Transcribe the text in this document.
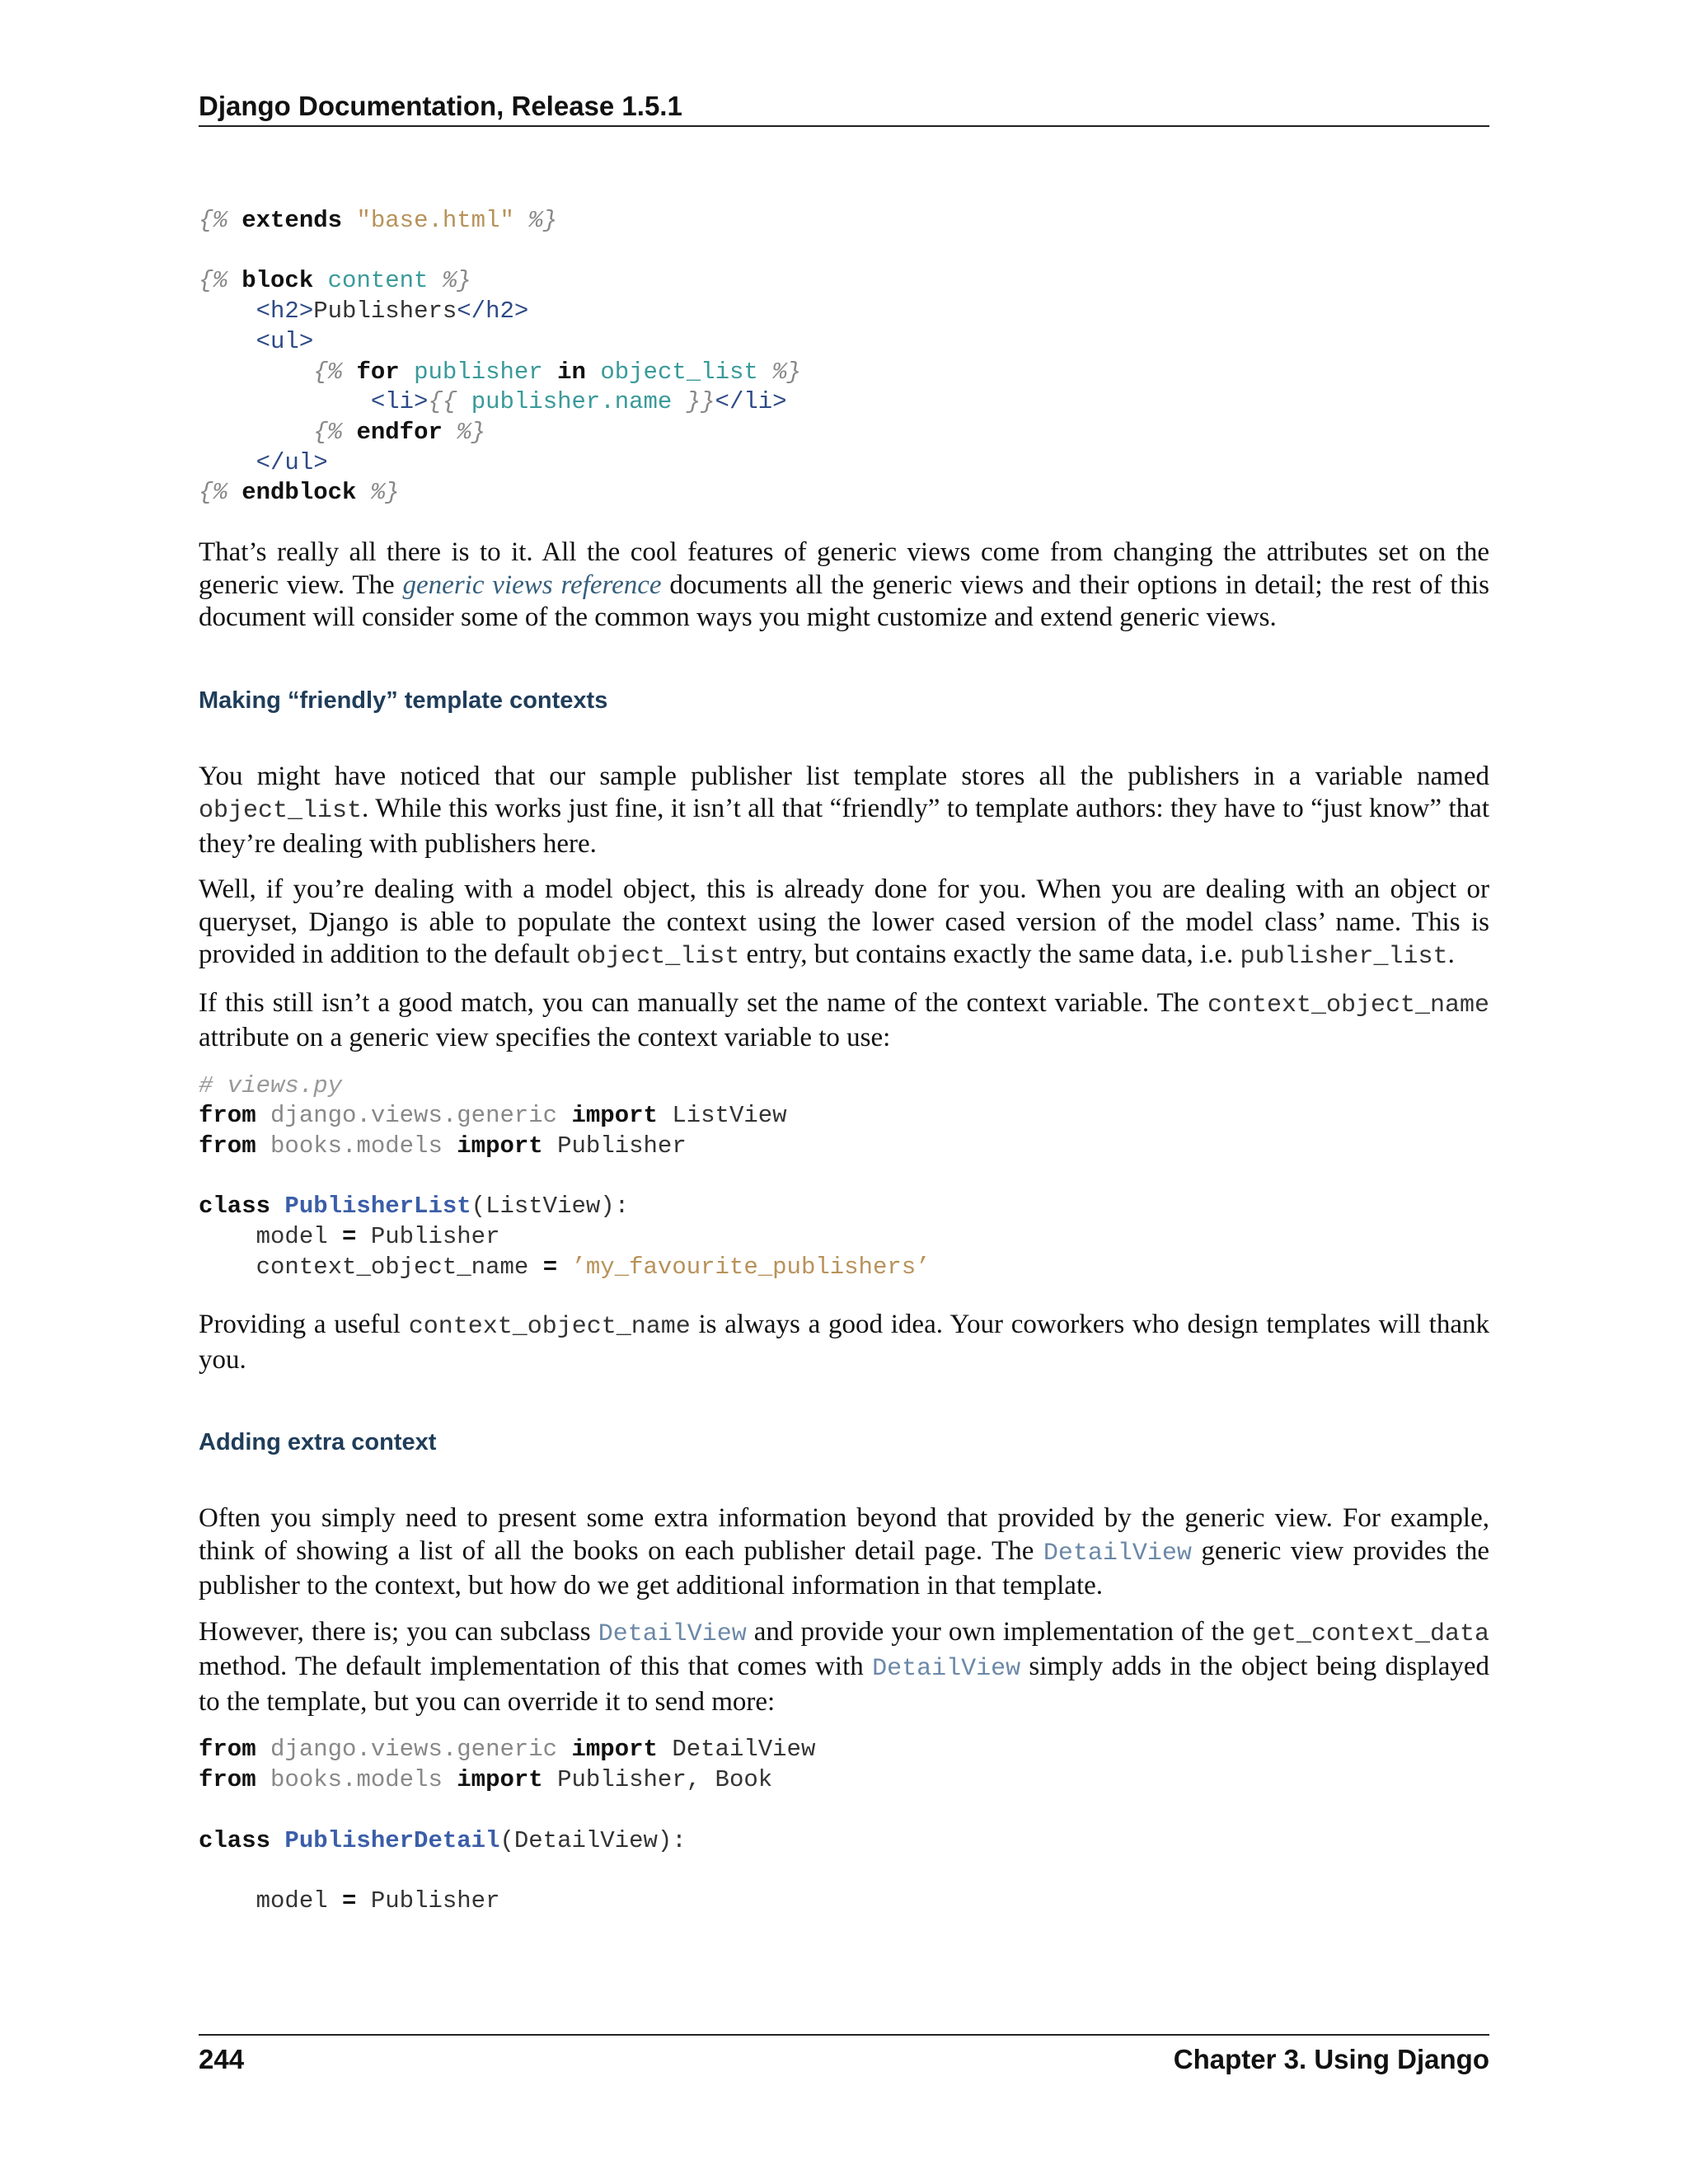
Django Documentation, Release 1.5.1
{% extends "base.html" %}

{% block content %}
<h2>Publishers</h2>
<ul>
{% for publisher in object_list %}
<li>{{ publisher.name }}</li>
{% endfor %}
</ul>
{% endblock %}

That’s really all there is to it. All the cool features of generic views come from changing the attributes set on the generic view. The generic views reference documents all the generic views and their options in detail; the rest of this document will consider some of the common ways you might customize and extend generic views.

Making “friendly” template contexts

You might have noticed that our sample publisher list template stores all the publishers in a variable named object_list. While this works just fine, it isn’t all that “friendly” to template authors: they have to “just know” that they’re dealing with publishers here.

Well, if you’re dealing with a model object, this is already done for you. When you are dealing with an object or queryset, Django is able to populate the context using the lower cased version of the model class’ name. This is provided in addition to the default object_list entry, but contains exactly the same data, i.e. publisher_list.

If this still isn’t a good match, you can manually set the name of the context variable. The context_object_name attribute on a generic view specifies the context variable to use:

# views.py
from django.views.generic import ListView
from books.models import Publisher

class PublisherList(ListView):
model = Publisher
context_object_name = ’my_favourite_publishers’

Providing a useful context_object_name is always a good idea. Your coworkers who design templates will thank you.

Adding extra context

Often you simply need to present some extra information beyond that provided by the generic view. For example, think of showing a list of all the books on each publisher detail page. The DetailView generic view provides the publisher to the context, but how do we get additional information in that template.

However, there is; you can subclass DetailView and provide your own implementation of the get_context_data method. The default implementation of this that comes with DetailView simply adds in the object being displayed to the template, but you can override it to send more:

from django.views.generic import DetailView
from books.models import Publisher, Book

class PublisherDetail(DetailView):

model = Publisher
244	Chapter 3. Using Django
